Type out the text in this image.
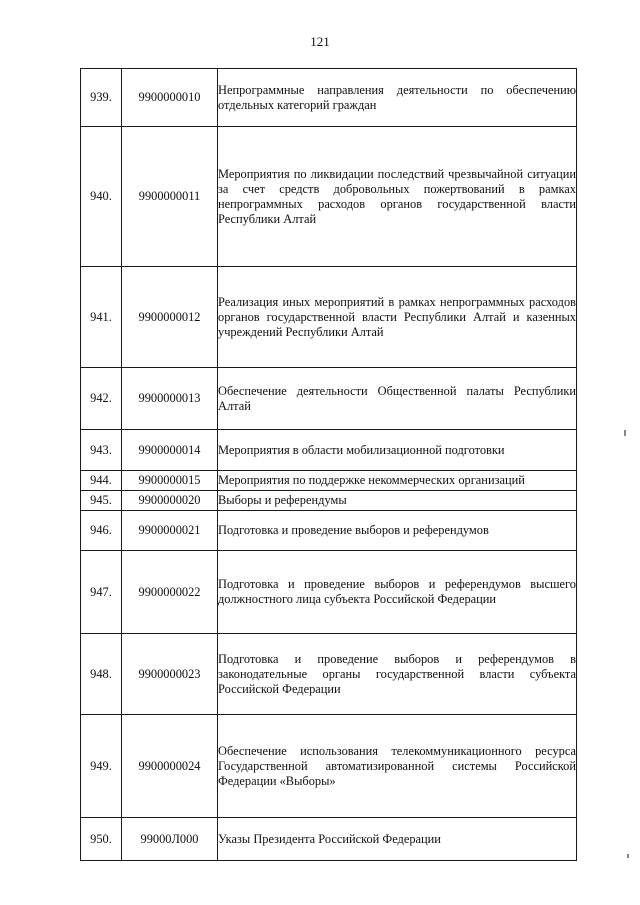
121
939.	9900000010	Непрограммные направления деятельности по обеспечению отдельных категорий граждан
940.	9900000011	Мероприятия по ликвидации последствий чрезвычайной ситуации за счет средств добровольных пожертвований в рамках непрограммных расходов органов государственной власти Республики Алтай
941.	9900000012	Реализация иных мероприятий в рамках непрограммных расходов органов государственной власти Республики Алтай и казенных учреждений Республики Алтай
942.	9900000013	Обеспечение деятельности Общественной палаты Республики Алтай
943.	9900000014	Мероприятия в области мобилизационной подготовки
944.	9900000015	Мероприятия по поддержке некоммерческих организаций
945.	9900000020	Выборы и референдумы
946.	9900000021	Подготовка и проведение выборов и референдумов
947.	9900000022	Подготовка и проведение выборов и референдумов высшего должностного лица субъекта Российской Федерации
948.	9900000023	Подготовка и проведение выборов и референдумов в законодательные органы государственной власти субъекта Российской Федерации
949.	9900000024	Обеспечение использования телекоммуникационного ресурса Государственной автоматизированной системы Российской Федерации «Выборы»
950.	99000Л000	Указы Президента Российской Федерации
